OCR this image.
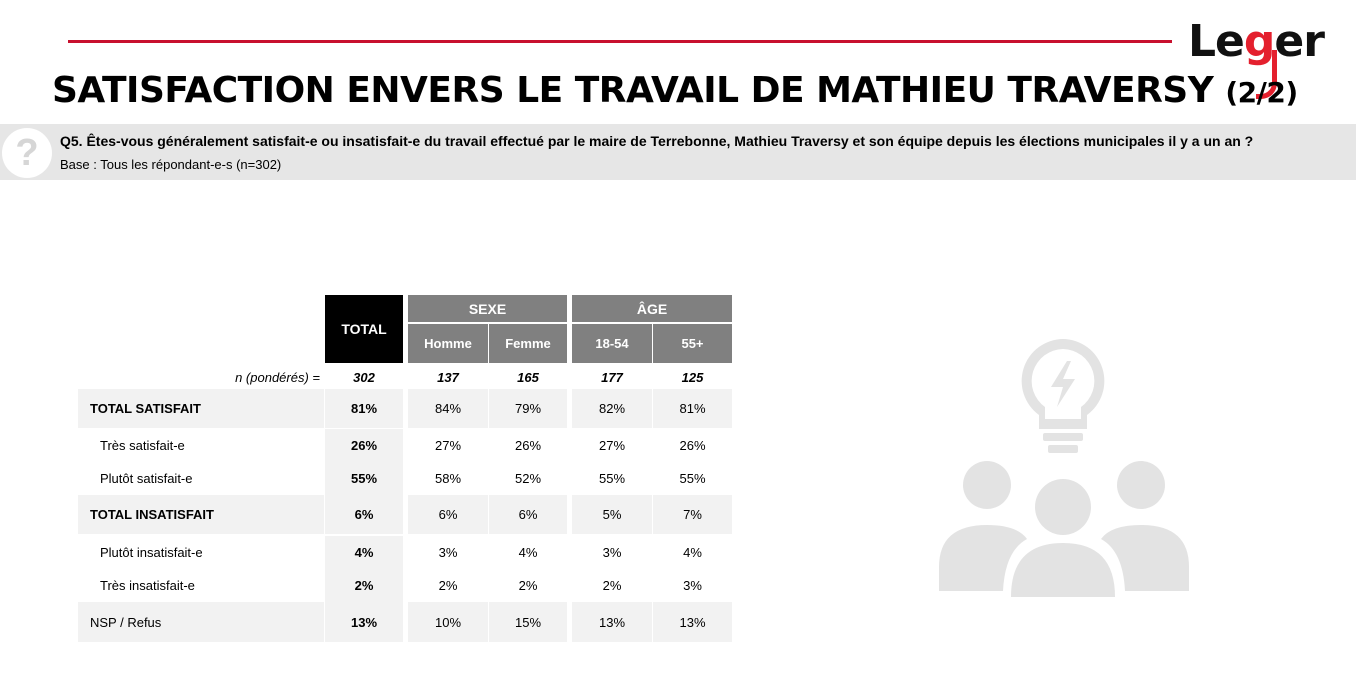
Leger
SATISFACTION ENVERS LE TRAVAIL DE MATHIEU TRAVERSY (2/2)
?	Q5. Êtes-vous généralement satisfait-e ou insatisfait-e du travail effectué par le maire de Terrebonne, Mathieu Traversy et son équipe depuis les élections municipales il y a un an ?
Base : Tous les répondant-e-s (n=302)
TOTAL
SEXE	ÂGE
Homme	Femme	18-54	55+
n (pondérés) =	302	137	165	177	125
TOTAL SATISFAIT	81%	84%	79%	82%	81%
Très satisfait-e	26%	27%	26%	27%	26%
Plutôt satisfait-e	55%	58%	52%	55%	55%
TOTAL INSATISFAIT	6%	6%	6%	5%	7%
Plutôt insatisfait-e	4%	3%	4%	3%	4%
Très insatisfait-e	2%	2%	2%	2%	3%
NSP / Refus	13%	10%	15%	13%	13%
